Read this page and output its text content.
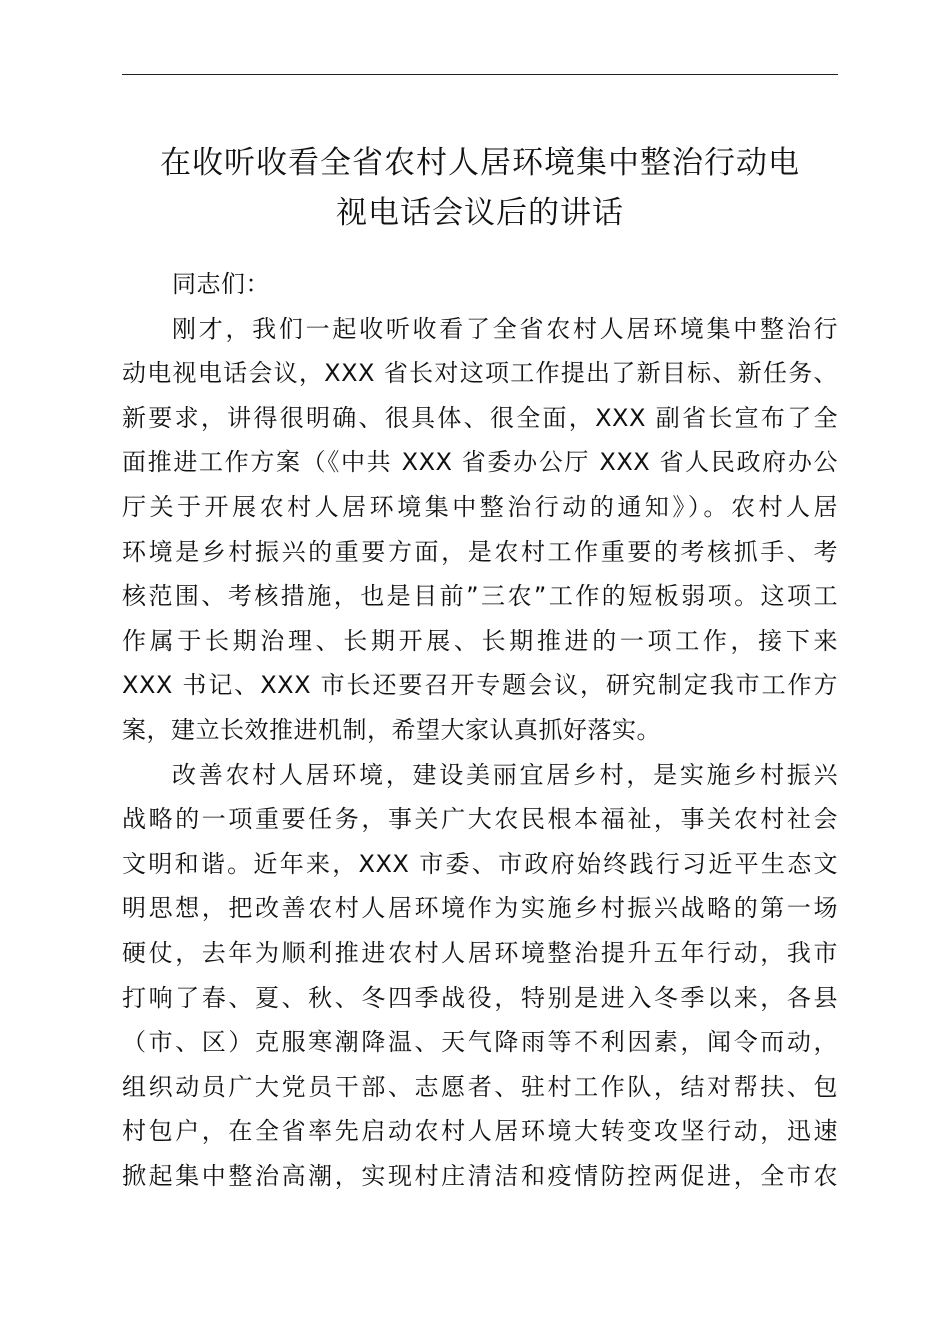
在收听收看全省农村人居环境集中整治行动电
视电话会议后的讲话
同志们：
刚才，我们一起收听收看了全省农村人居环境集中整治行
动电视电话会议，XXX 省长对这项工作提出了新目标、新任务、
新要求，讲得很明确、很具体、很全面，XXX 副省长宣布了全
面推进工作方案（《中共 XXX 省委办公厅 XXX 省人民政府办公
厅关于开展农村人居环境集中整治行动的通知》）。农村人居
环境是乡村振兴的重要方面，是农村工作重要的考核抓手、考
核范围、考核措施，也是目前”三农”工作的短板弱项。这项工
作属于长期治理、长期开展、长期推进的一项工作，接下来
XXX 书记、XXX 市长还要召开专题会议，研究制定我市工作方
案，建立长效推进机制，希望大家认真抓好落实。
改善农村人居环境，建设美丽宜居乡村，是实施乡村振兴
战略的一项重要任务，事关广大农民根本福祉，事关农村社会
文明和谐。近年来，XXX 市委、市政府始终践行习近平生态文
明思想，把改善农村人居环境作为实施乡村振兴战略的第一场
硬仗，去年为顺利推进农村人居环境整治提升五年行动，我市
打响了春、夏、秋、冬四季战役，特别是进入冬季以来，各县
（市、区）克服寒潮降温、天气降雨等不利因素，闻令而动，
组织动员广大党员干部、志愿者、驻村工作队，结对帮扶、包
村包户，在全省率先启动农村人居环境大转变攻坚行动，迅速
掀起集中整治高潮，实现村庄清洁和疫情防控两促进，全市农
